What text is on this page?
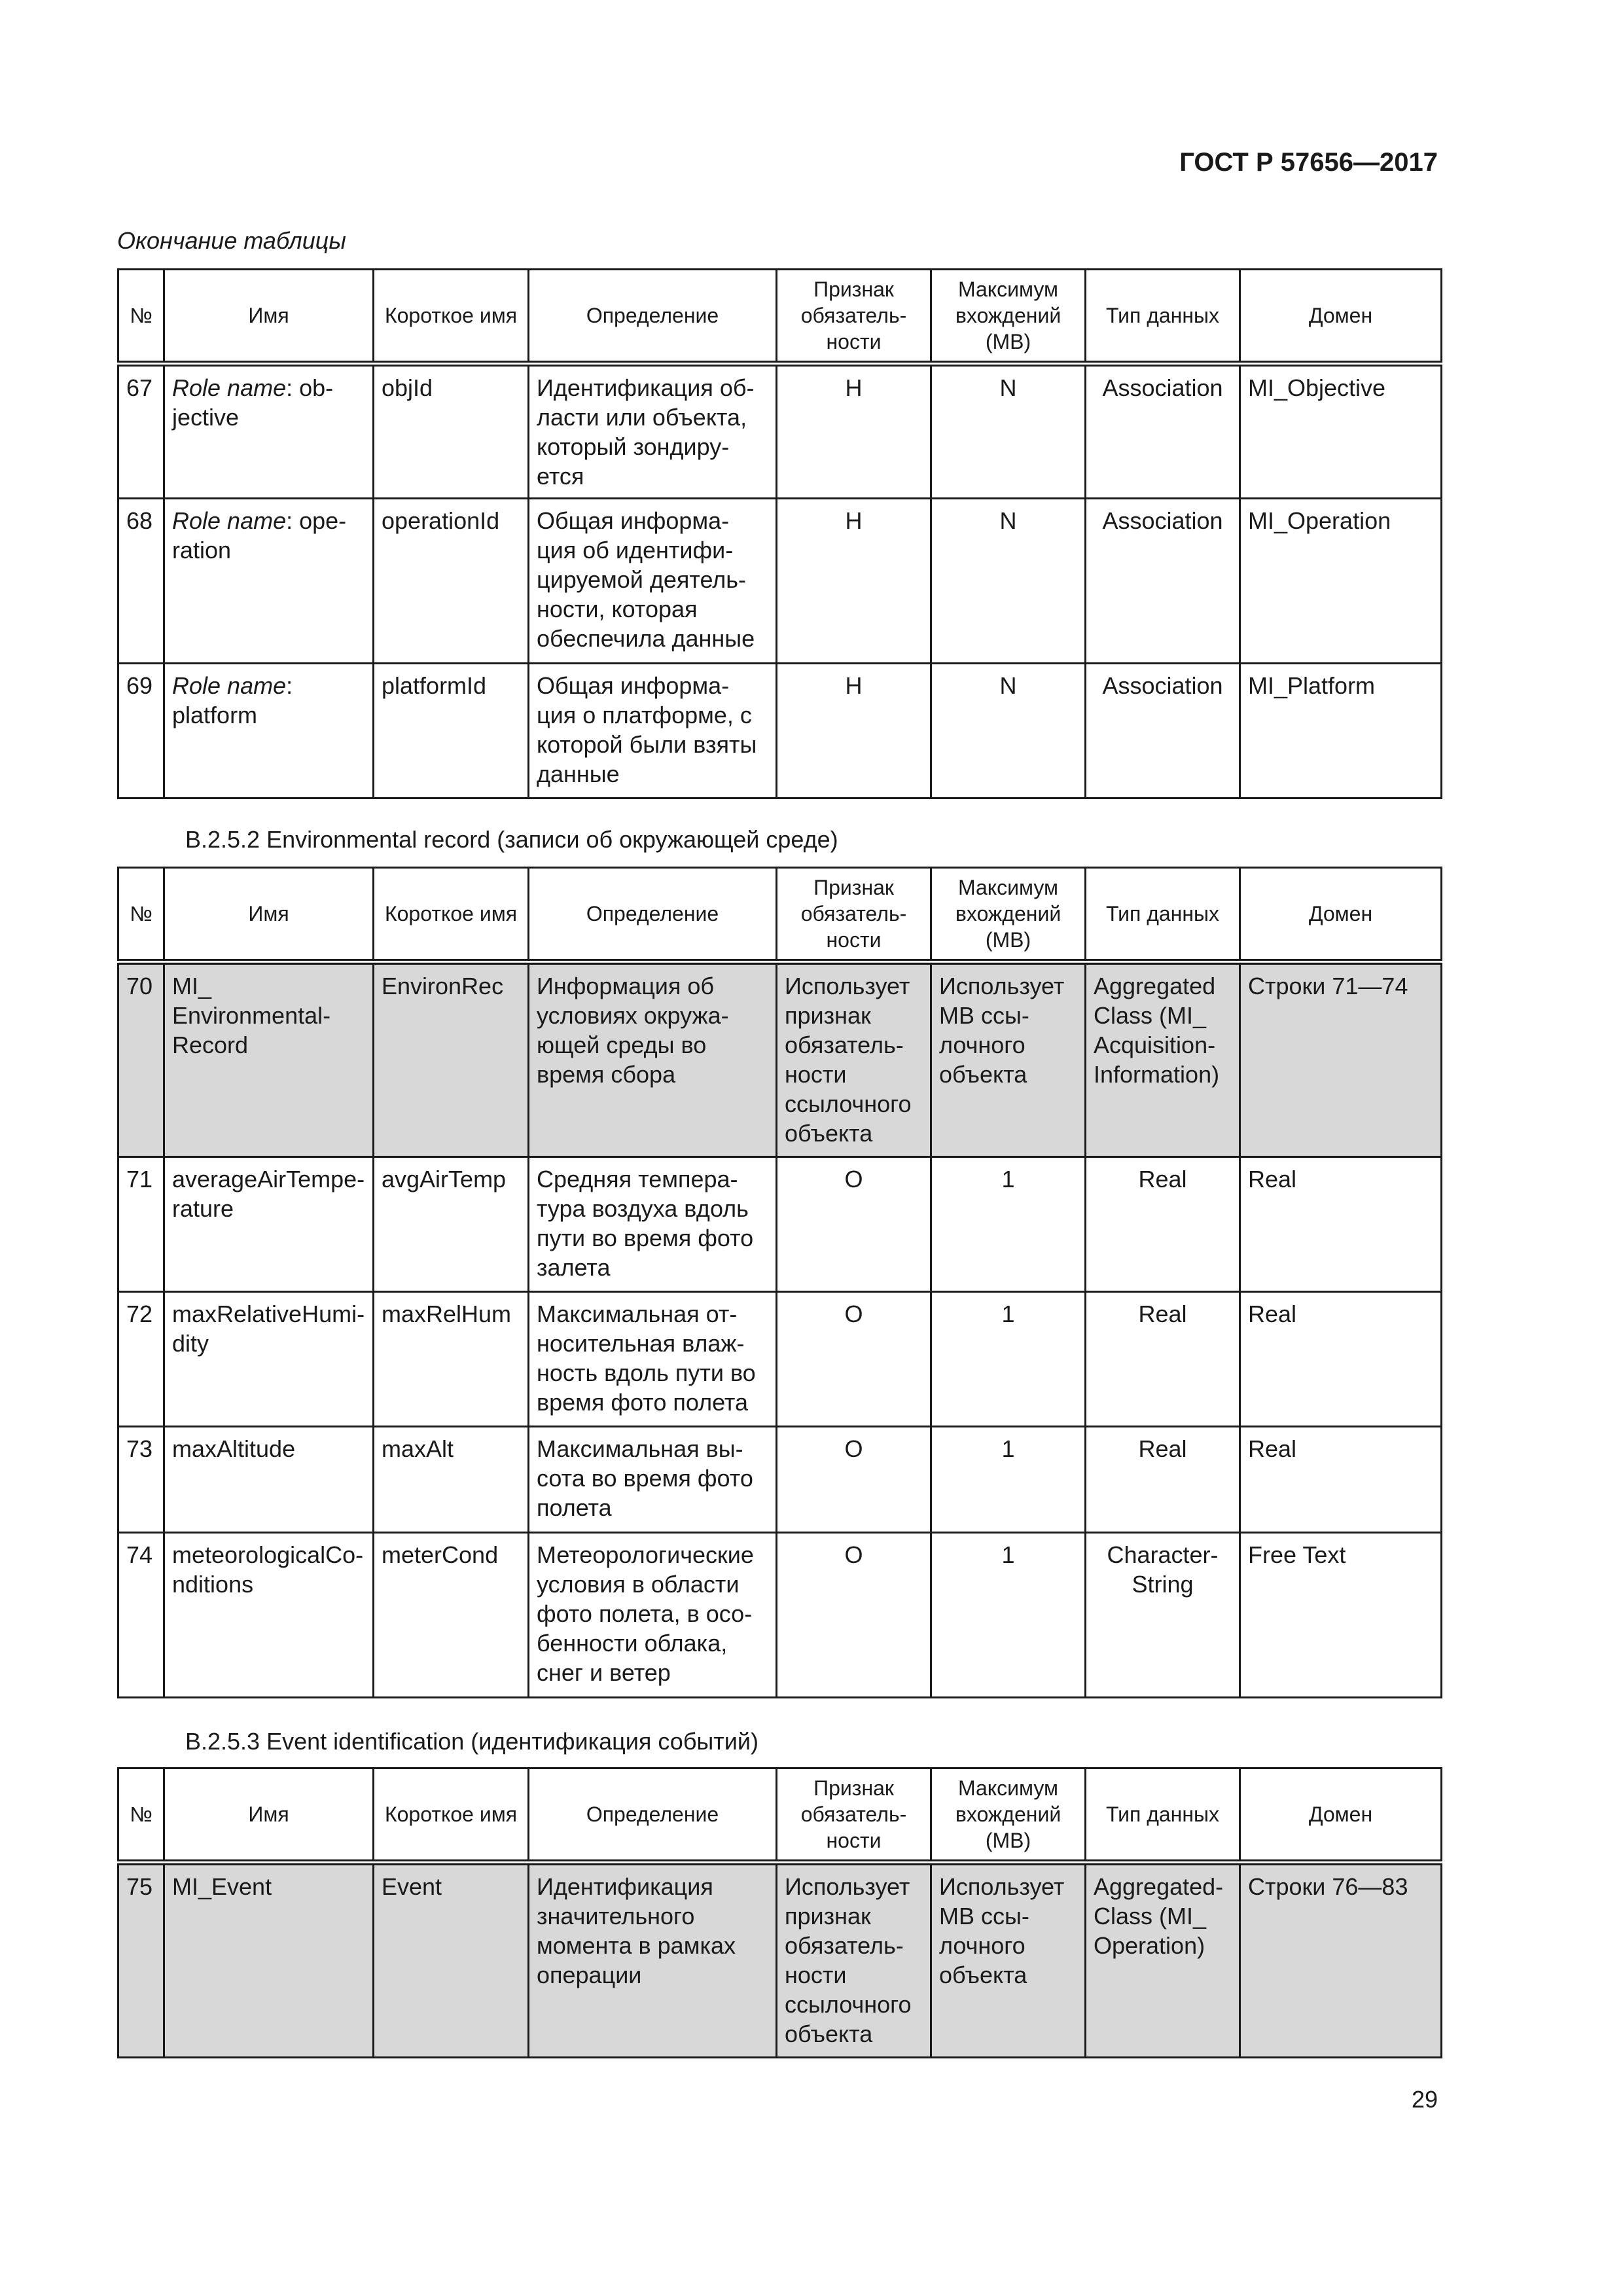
ГОСТ Р 57656—2017
Окончание таблицы
№	Имя	Короткое имя	Определение	Признак обязатель-ности	Максимум вхождений (МВ)	Тип данных	Домен
67	Role name: ob-jective	objId	Идентификация об-ласти или объекта, который зондиру-ется	Н	N	Association	MI_Objective
68	Role name: ope-ration	operationId	Общая информа-ция об идентифи-цируемой деятель-ности, которая обеспечила данные	Н	N	Association	MI_Operation
69	Role name: platform	platformId	Общая информа-ция о платформе, с которой были взяты данные	Н	N	Association	MI_Platform
B.2.5.2 Environmental record (записи об окружающей среде)
№	Имя	Короткое имя	Определение	Признак обязатель-ности	Максимум вхождений (МВ)	Тип данных	Домен
70	MI_ Environmental-Record	EnvironRec	Информация об условиях окружа-ющей среды во время сбора	Использует признак обязатель-ности ссылочного объекта	Использует МВ ссы-лочного объекта	Aggregated Class (MI_ Acquisition-Information)	Строки 71—74
71	averageAirTempe-rature	avgAirTemp	Средняя темпера-тура воздуха вдоль пути во время фото залета	О	1	Real	Real
72	maxRelativeHumi-dity	maxRelHum	Максимальная от-носительная влаж-ность вдоль пути во время фото полета	О	1	Real	Real
73	maxAltitude	maxAlt	Максимальная вы-сота во время фото полета	О	1	Real	Real
74	meteorologicalCo-nditions	meterCond	Метеорологические условия в области фото полета, в осо-бенности облака, снег и ветер	О	1	Character-String	Free Text
B.2.5.3 Event identification (идентификация событий)
№	Имя	Короткое имя	Определение	Признак обязатель-ности	Максимум вхождений (МВ)	Тип данных	Домен
75	MI_Event	Event	Идентификация значительного момента в рамках операции	Использует признак обязатель-ности ссылочного объекта	Использует МВ ссы-лочного объекта	Aggregated-Class (MI_ Operation)	Строки 76—83
29
